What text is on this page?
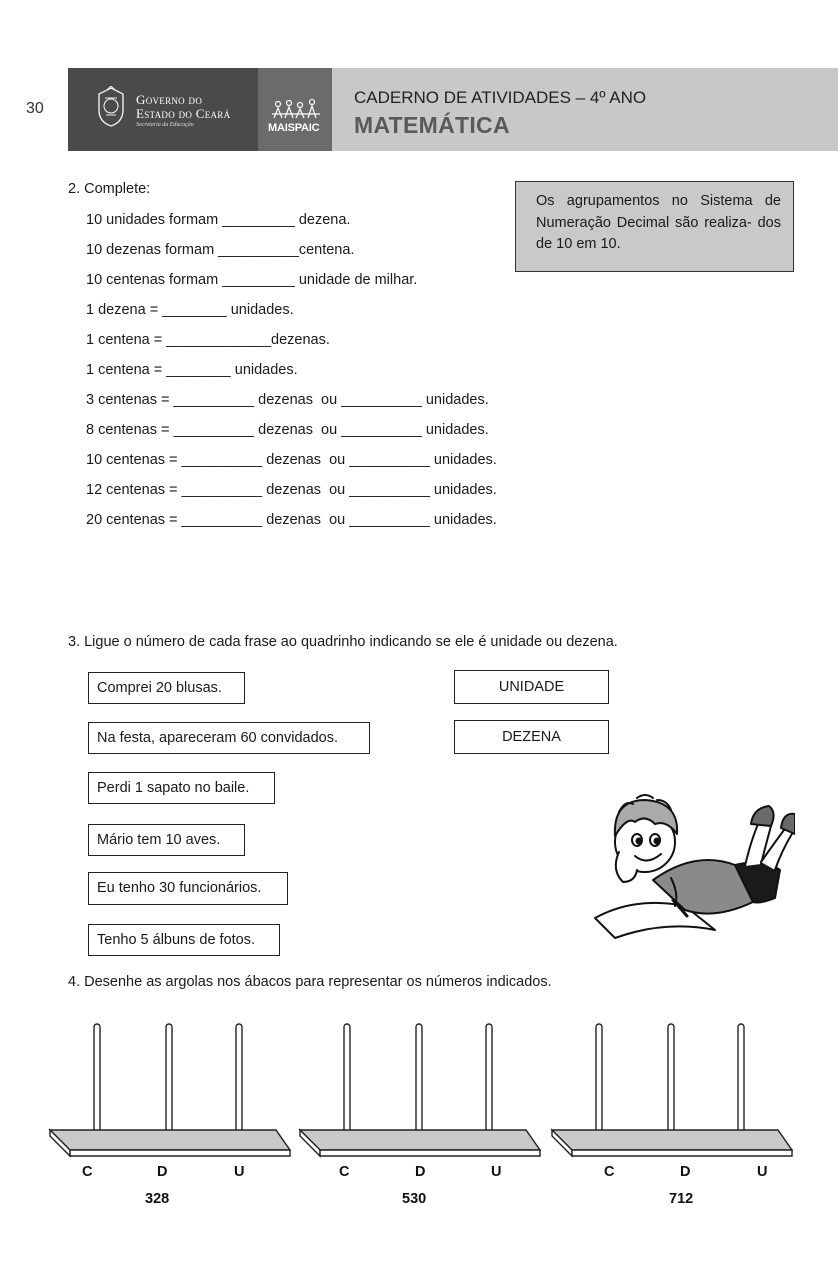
30
Governo do
Estado do Ceará
Secretaria da Educação	MAISPAIC
CADERNO DE ATIVIDADES – 4º ANO
MATEMÁTICA
2. Complete:
10 unidades formam _________ dezena.
10 dezenas formam __________centena.
10 centenas formam _________ unidade de milhar.
1 dezena = ________ unidades.
1 centena = _____________dezenas.
1 centena = ________ unidades.
3 centenas = __________ dezenas  ou __________ unidades.
8 centenas = __________ dezenas  ou __________ unidades.
10 centenas = __________ dezenas  ou __________ unidades.
12 centenas = __________ dezenas  ou __________ unidades.
20 centenas = __________ dezenas  ou __________ unidades.
Os agrupamentos no Sistema de Numeração Decimal são realiza- dos de 10 em 10.
3. Ligue o número de cada frase ao quadrinho indicando se ele é unidade ou dezena.
Comprei 20 blusas.
Na festa, apareceram 60 convidados.
Perdi 1 sapato no baile.
Mário tem 10 aves.
Eu tenho 30 funcionários.
Tenho 5 álbuns de fotos.
UNIDADE
DEZENA
4. Desenhe as argolas nos ábacos para representar os números indicados.
C	D	U
328
C	D	U
530
C	D	U
712
